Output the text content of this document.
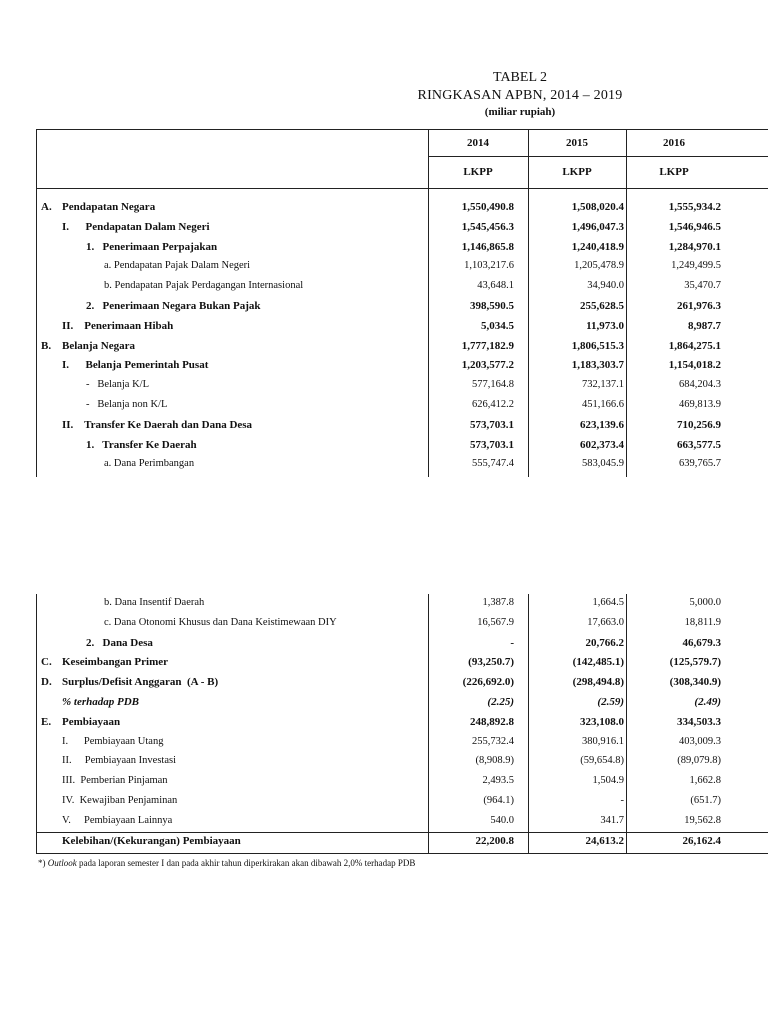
TABEL 2
RINGKASAN APBN, 2014 – 2019
(miliar rupiah)
2014	2015	2016
LKPP	LKPP	LKPP
A. Pendapatan Negara	1,550,490.8	1,508,020.4	1,555,934.2
I.      Pendapatan Dalam Negeri	1,545,456.3	1,496,047.3	1,546,946.5
1.   Penerimaan Perpajakan	1,146,865.8	1,240,418.9	1,284,970.1
a. Pendapatan Pajak Dalam Negeri	1,103,217.6	1,205,478.9	1,249,499.5
b. Pendapatan Pajak Perdagangan Internasional	43,648.1	34,940.0	35,470.7
2.   Penerimaan Negara Bukan Pajak	398,590.5	255,628.5	261,976.3
II.    Penerimaan Hibah	5,034.5	11,973.0	8,987.7
B. Belanja Negara	1,777,182.9	1,806,515.3	1,864,275.1
I.      Belanja Pemerintah Pusat	1,203,577.2	1,183,303.7	1,154,018.2
-   Belanja K/L	577,164.8	732,137.1	684,204.3
-   Belanja non K/L	626,412.2	451,166.6	469,813.9
II.    Transfer Ke Daerah dan Dana Desa	573,703.1	623,139.6	710,256.9
1.   Transfer Ke Daerah	573,703.1	602,373.4	663,577.5
a. Dana Perimbangan	555,747.4	583,045.9	639,765.7
b. Dana Insentif Daerah	1,387.8	1,664.5	5,000.0
c. Dana Otonomi Khusus dan Dana Keistimewaan DIY	16,567.9	17,663.0	18,811.9
2.   Dana Desa	-	20,766.2	46,679.3
C. Keseimbangan Primer	(93,250.7)	(142,485.1)	(125,579.7)
D. Surplus/Defisit Anggaran  (A - B)	(226,692.0)	(298,494.8)	(308,340.9)
% terhadap PDB	(2.25)	(2.59)	(2.49)
E. Pembiayaan	248,892.8	323,108.0	334,503.3
I.      Pembiayaan Utang	255,732.4	380,916.1	403,009.3
II.     Pembiayaan Investasi	(8,908.9)	(59,654.8)	(89,079.8)
III.  Pemberian Pinjaman	2,493.5	1,504.9	1,662.8
IV.  Kewajiban Penjaminan	(964.1)	-	(651.7)
V.     Pembiayaan Lainnya	540.0	341.7	19,562.8
Kelebihan/(Kekurangan) Pembiayaan	22,200.8	24,613.2	26,162.4
*) Outlook pada laporan semester I dan pada akhir tahun diperkirakan akan dibawah 2,0% terhadap PDB
